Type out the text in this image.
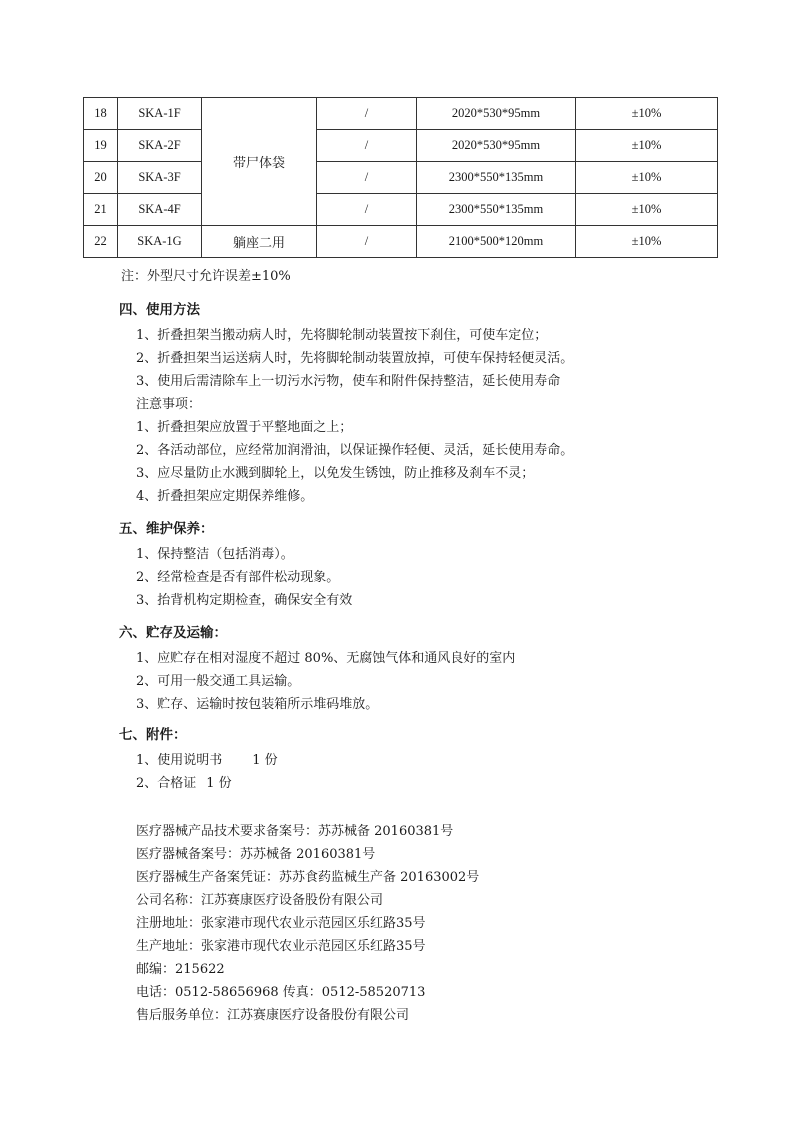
18	SKA-1F	带尸体袋	/	2020*530*95mm	±10%
19	SKA-2F		/	2020*530*95mm	±10%
20	SKA-3F		/	2300*550*135mm	±10%
21	SKA-4F		/	2300*550*135mm	±10%
22	SKA-1G	躺座二用	/	2100*500*120mm	±10%
注：外型尺寸允许误差±10%
四、使用方法
1、折叠担架当搬动病人时，先将脚轮制动装置按下刹住，可使车定位；
2、折叠担架当运送病人时，先将脚轮制动装置放掉，可使车保持轻便灵活。
3、使用后需清除车上一切污水污物，使车和附件保持整洁，延长使用寿命
注意事项：
1、折叠担架应放置于平整地面之上；
2、各活动部位，应经常加润滑油，以保证操作轻便、灵活，延长使用寿命。
3、应尽量防止水溅到脚轮上，以免发生锈蚀，防止推移及刹车不灵；
4、折叠担架应定期保养维修。
五、维护保养：
1、保持整洁（包括消毒）。
2、经常检查是否有部件松动现象。
3、抬背机构定期检查，确保安全有效
六、贮存及运输：
1、应贮存在相对湿度不超过 80%、无腐蚀气体和通风良好的室内
2、可用一般交通工具运输。
3、贮存、运输时按包装箱所示堆码堆放。
七、附件：
1、使用说明书 1 份
2、合格证 1 份
医疗器械产品技术要求备案号：苏苏械备 20160381号
医疗器械备案号：苏苏械备 20160381号
医疗器械生产备案凭证：苏苏食药监械生产备 20163002号
公司名称：江苏赛康医疗设备股份有限公司
注册地址：张家港市现代农业示范园区乐红路35号
生产地址：张家港市现代农业示范园区乐红路35号
邮编：215622
电话：0512-58656968 传真：0512-58520713
售后服务单位：江苏赛康医疗设备股份有限公司
